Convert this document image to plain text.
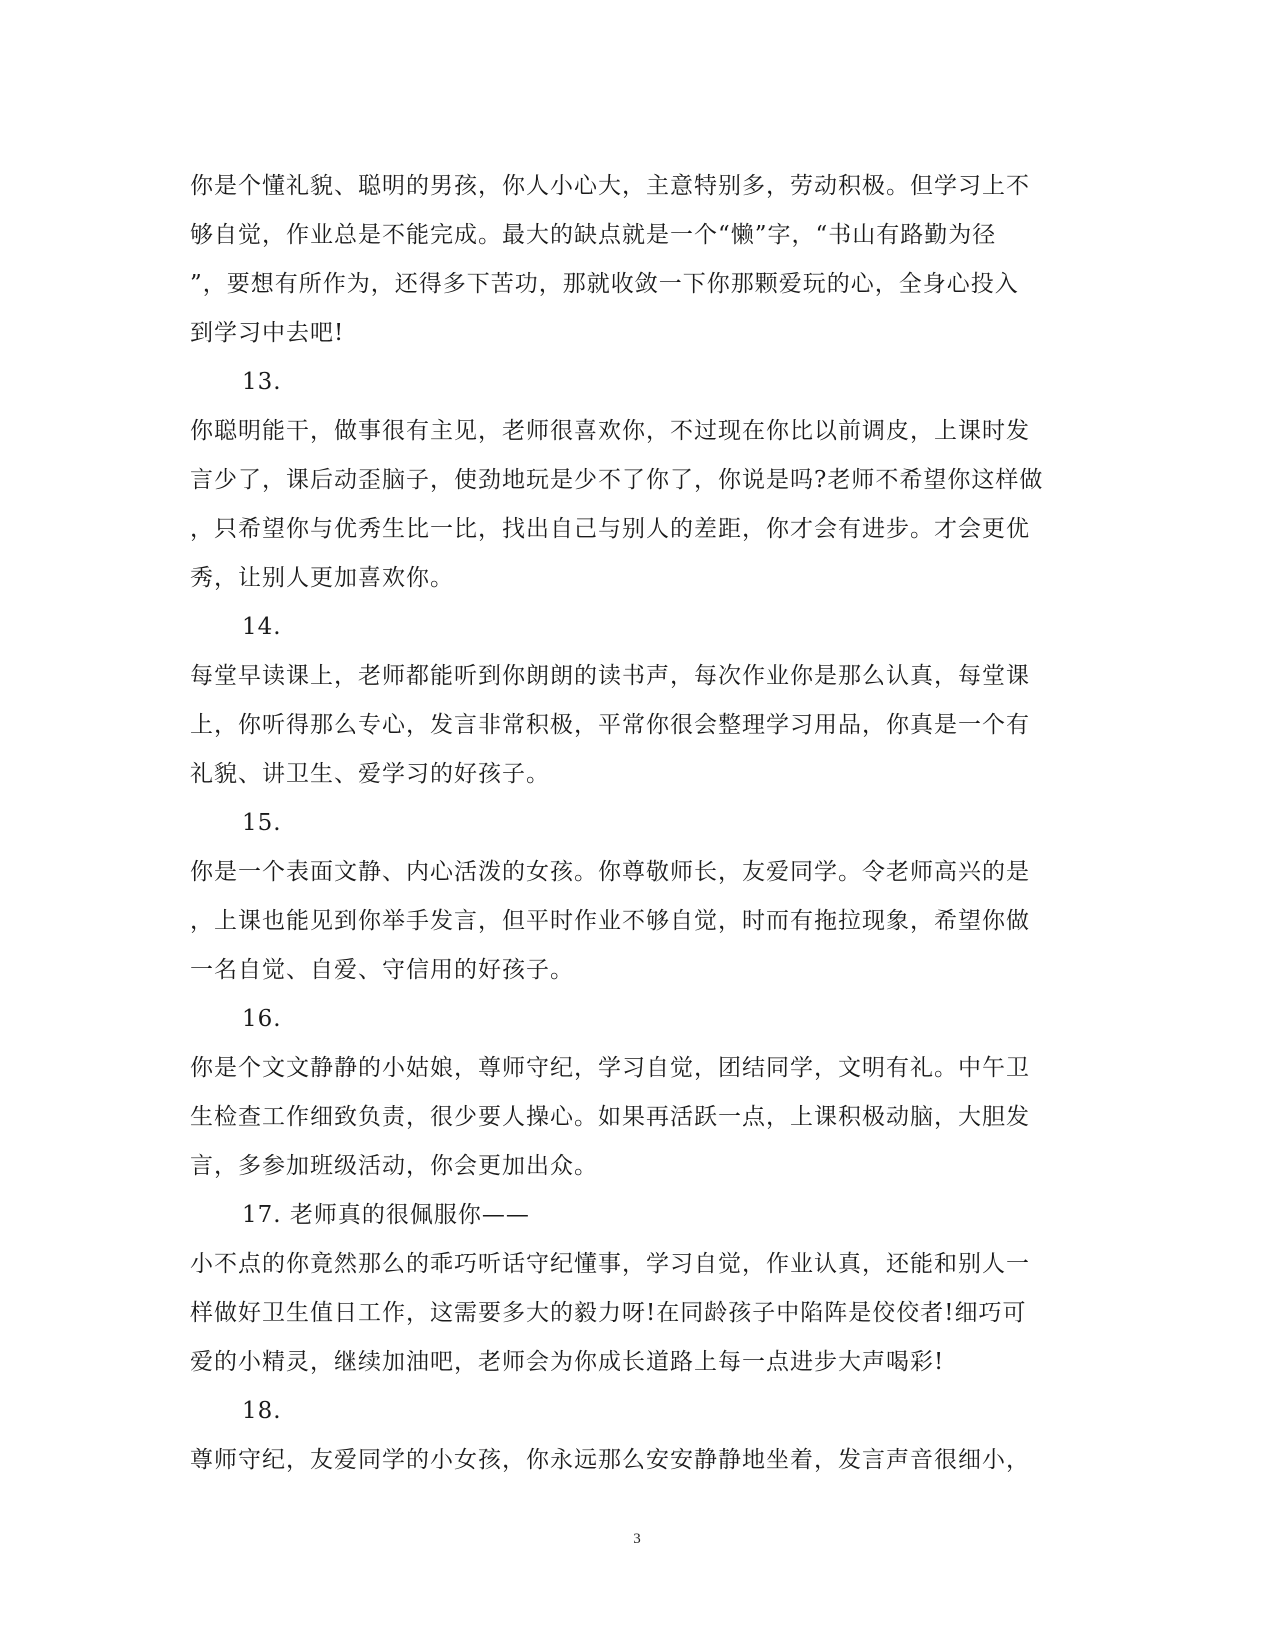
你是个懂礼貌、聪明的男孩，你人小心大，主意特别多，劳动积极。但学习上不
够自觉，作业总是不能完成。最大的缺点就是一个“懒”字，“书山有路勤为径
”，要想有所作为，还得多下苦功，那就收敛一下你那颗爱玩的心，全身心投入
到学习中去吧!
13.
你聪明能干，做事很有主见，老师很喜欢你，不过现在你比以前调皮，上课时发
言少了，课后动歪脑子，使劲地玩是少不了你了，你说是吗?老师不希望你这样做
，只希望你与优秀生比一比，找出自己与别人的差距，你才会有进步。才会更优
秀，让别人更加喜欢你。
14.
每堂早读课上，老师都能听到你朗朗的读书声，每次作业你是那么认真，每堂课
上，你听得那么专心，发言非常积极，平常你很会整理学习用品，你真是一个有
礼貌、讲卫生、爱学习的好孩子。
15.
你是一个表面文静、内心活泼的女孩。你尊敬师长，友爱同学。令老师高兴的是
，上课也能见到你举手发言，但平时作业不够自觉，时而有拖拉现象，希望你做
一名自觉、自爱、守信用的好孩子。
16.
你是个文文静静的小姑娘，尊师守纪，学习自觉，团结同学，文明有礼。中午卫
生检查工作细致负责，很少要人操心。如果再活跃一点，上课积极动脑，大胆发
言，多参加班级活动，你会更加出众。
17. 老师真的很佩服你——
小不点的你竟然那么的乖巧听话守纪懂事，学习自觉，作业认真，还能和别人一
样做好卫生值日工作，这需要多大的毅力呀!在同龄孩子中陷阵是佼佼者!细巧可
爱的小精灵，继续加油吧，老师会为你成长道路上每一点进步大声喝彩!
18.
尊师守纪，友爱同学的小女孩，你永远那么安安静静地坐着，发言声音很细小，
3
